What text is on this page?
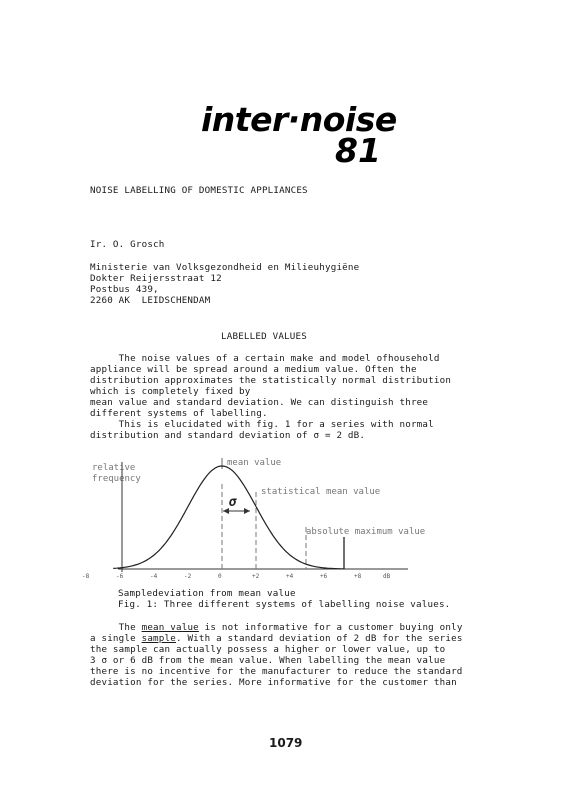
inter·noise
81
NOISE LABELLING OF DOMESTIC APPLIANCES
Ir. O. Grosch
Ministerie van Volksgezondheid en Milieuhygiëne
Dokter Reijersstraat 12
Postbus 439,
2260 AK  LEIDSCHENDAM
LABELLED VALUES
The noise values of a certain make and model ofhousehold
appliance will be spread around a medium value. Often the
distribution approximates the statistically normal distribution
which is completely fixed by
mean value and standard deviation. We can distinguish three
different systems of labelling.
This is elucidated with fig. 1 for a series with normal
distribution and standard deviation of σ = 2 dB.
relative
frequency
mean value
statistical mean value
absolute maximum value
σ
-8	-6	-4	-2	0	+2	+4	+6	+8	dB
Sampledeviation from mean value
Fig. 1: Three different systems of labelling noise values.
The mean value is not informative for a customer buying only
a single sample. With a standard deviation of 2 dB for the series
the sample can actually possess a higher or lower value, up to
3 σ or 6 dB from the mean value. When labelling the mean value
there is no incentive for the manufacturer to reduce the standard
deviation for the series. More informative for the customer than
1079
